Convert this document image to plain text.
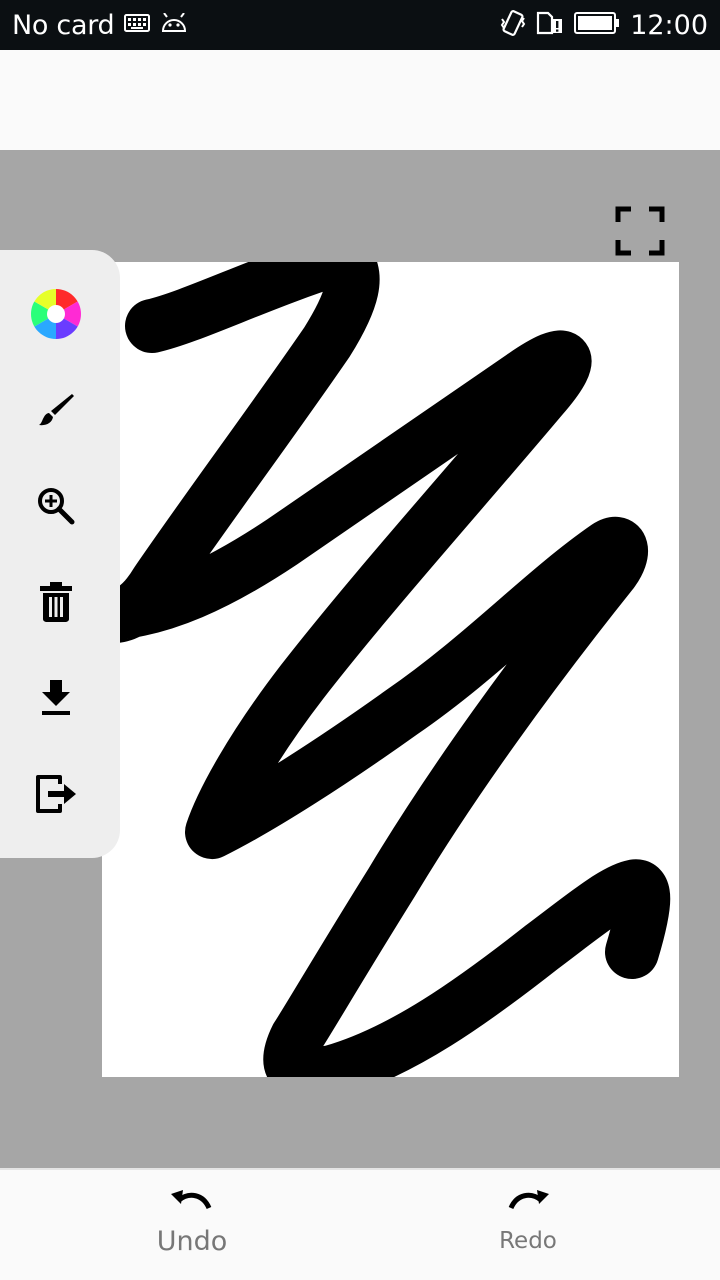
No card	12:00
Undo	Redo
